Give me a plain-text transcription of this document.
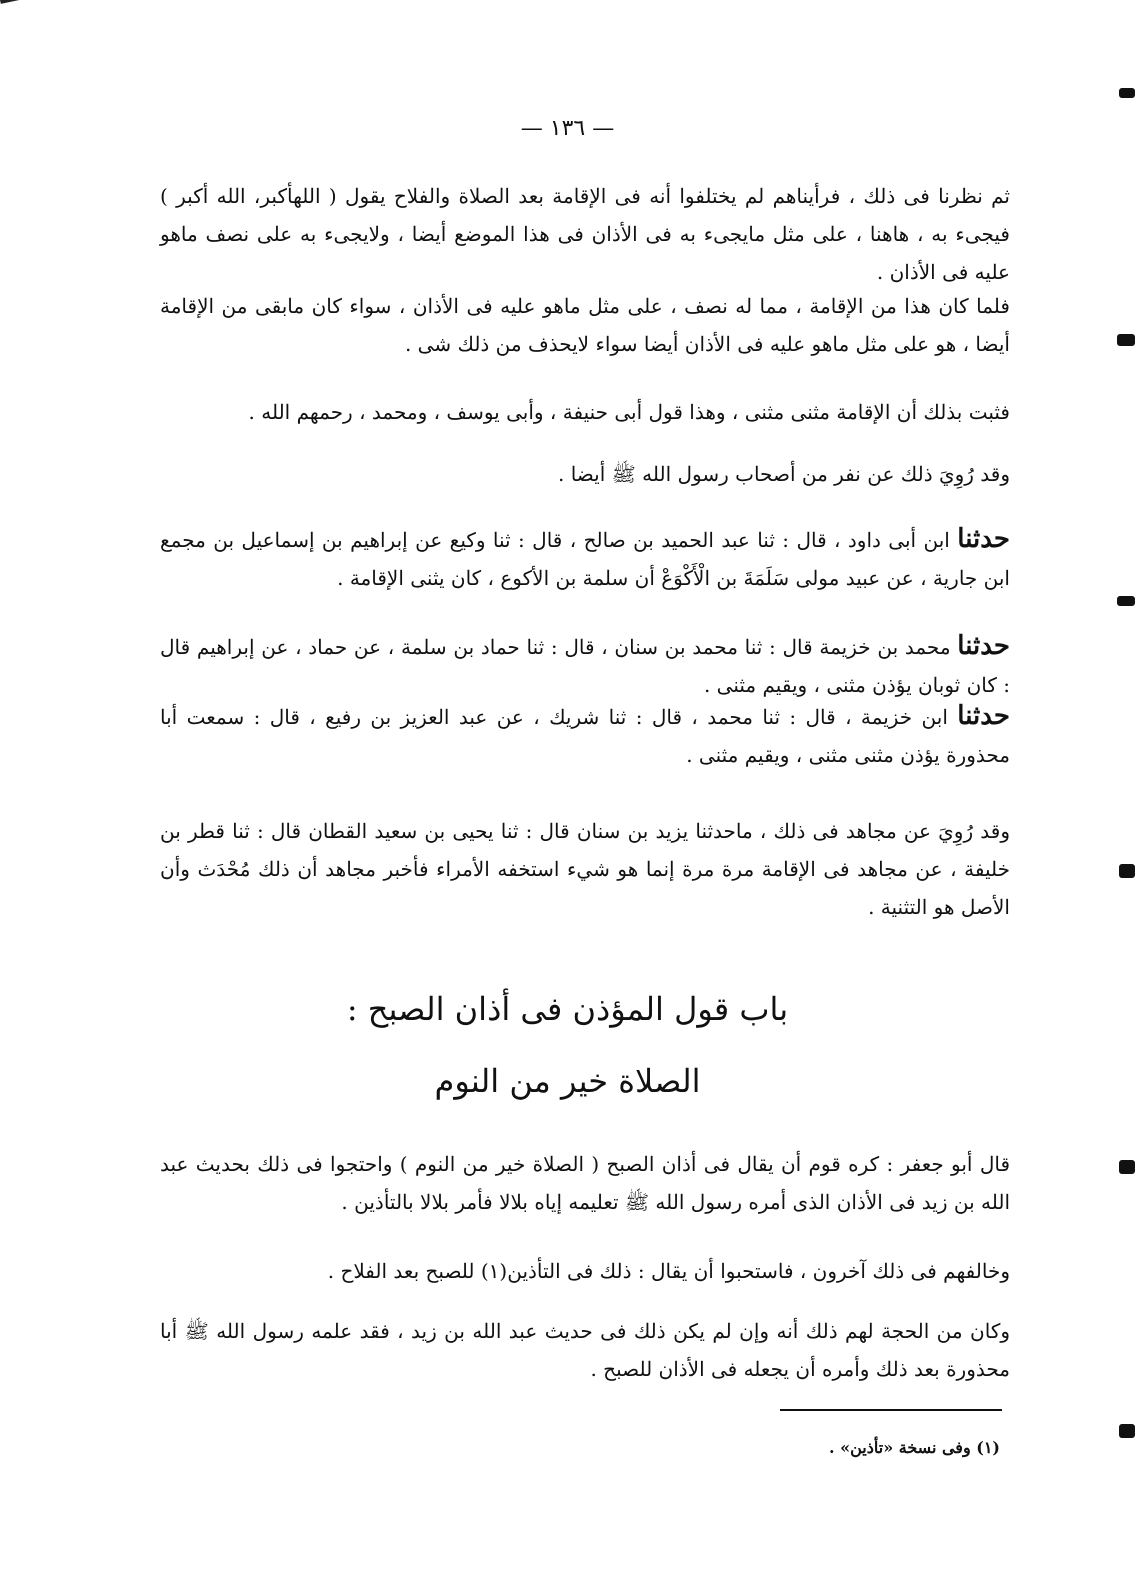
— ١٣٦ —
ثم نظرنا فى ذلك ، فرأيناهم لم يختلفوا أنه فى الإقامة بعد الصلاة والفلاح يقول ( اللهأكبر، الله أكبر ) فيجىء به ، هاهنا ، على مثل مايجىء به فى الأذان فى هذا الموضع أيضا ، ولايجىء به على نصف ماهو عليه فى الأذان .
فلما كان هذا من الإقامة ، مما له نصف ، على مثل ماهو عليه فى الأذان ، سواء كان مابقى من الإقامة أيضا ، هو على مثل ماهو عليه فى الأذان أيضا سواء لايحذف من ذلك شى .
فثبت بذلك أن الإقامة مثنى مثنى ، وهذا قول أبى حنيفة ، وأبى يوسف ، ومحمد ، رحمهم الله .
وقد رُوِيَ ذلك عن نفر من أصحاب رسول الله ﷺ أيضا .
حدثنا ابن أبى داود ، قال : ثنا عبد الحميد بن صالح ، قال : ثنا وكيع عن إبراهيم بن إسماعيل بن مجمع ابن جارية ، عن عبيد مولى سَلَمَةَ بن الْأَكْوَعْ أن سلمة بن الأكوع ، كان يثنى الإقامة .
حدثنا محمد بن خزيمة قال : ثنا محمد بن سنان ، قال : ثنا حماد بن سلمة ، عن حماد ، عن إبراهيم قال : كان ثوبان يؤذن مثنى ، ويقيم مثنى .
حدثنا ابن خزيمة ، قال : ثنا محمد ، قال : ثنا شريك ، عن عبد العزيز بن رفيع ، قال : سمعت أبا محذورة يؤذن مثنى مثنى ، ويقيم مثنى .
وقد رُوِيَ عن مجاهد فى ذلك ، ماحدثنا يزيد بن سنان قال : ثنا يحيى بن سعيد القطان قال : ثنا قطر بن خليفة ، عن مجاهد فى الإقامة مرة مرة إنما هو شيء استخفه الأمراء فأخبر مجاهد أن ذلك مُحْدَث وأن الأصل هو التثنية .
باب قول المؤذن فى أذان الصبح :
الصلاة خير من النوم
قال أبو جعفر : كره قوم أن يقال فى أذان الصبح ( الصلاة خير من النوم ) واحتجوا فى ذلك بحديث عبد الله بن زيد فى الأذان الذى أمره رسول الله ﷺ تعليمه إياه بلالا فأمر بلالا بالتأذين .
وخالفهم فى ذلك آخرون ، فاستحبوا أن يقال : ذلك فى التأذين(١) للصبح بعد الفلاح .
وكان من الحجة لهم ذلك أنه وإن لم يكن ذلك فى حديث عبد الله بن زيد ، فقد علمه رسول الله ﷺ أبا محذورة بعد ذلك وأمره أن يجعله فى الأذان للصبح .
(١) وفى نسخة «تأذين» .
